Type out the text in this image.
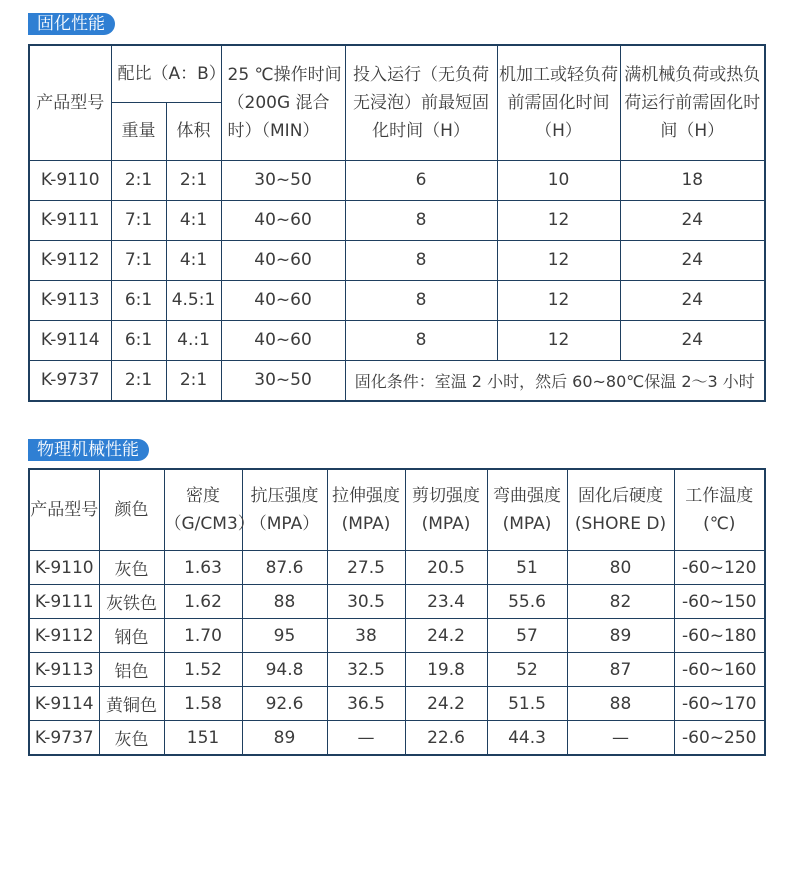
固化性能
产品型号	配比（A：B）		25 ℃操作时间（200G 混合时）（MIN）	投入运行（无负荷无浸泡）前最短固化时间（H）	机加工或轻负荷前需固化时间（H）	满机械负荷或热负荷运行前需固化时间（H）
	重量	体积				
K-9110	2:1	2:1	30~50	6	10	18
K-9111	7:1	4:1	40~60	8	12	24
K-9112	7:1	4:1	40~60	8	12	24
K-9113	6:1	4.5:1	40~60	8	12	24
K-9114	6:1	4.:1	40~60	8	12	24
K-9737	2:1	2:1	30~50	固化条件：室温 2 小时，然后 60~80℃保温 2～3 小时		
物理机械性能
产品型号	颜色	密度（G/CM3）	抗压强度（MPA）	拉伸强度(MPA)	剪切强度(MPA)	弯曲强度(MPA)	固化后硬度(SHORE D)	工作温度(℃)
K-9110	灰色	1.63	87.6	27.5	20.5	51	80	-60~120
K-9111	灰铁色	1.62	88	30.5	23.4	55.6	82	-60~150
K-9112	钢色	1.70	95	38	24.2	57	89	-60~180
K-9113	铝色	1.52	94.8	32.5	19.8	52	87	-60~160
K-9114	黄铜色	1.58	92.6	36.5	24.2	51.5	88	-60~170
K-9737	灰色	151	89	—	22.6	44.3	—	-60~250
